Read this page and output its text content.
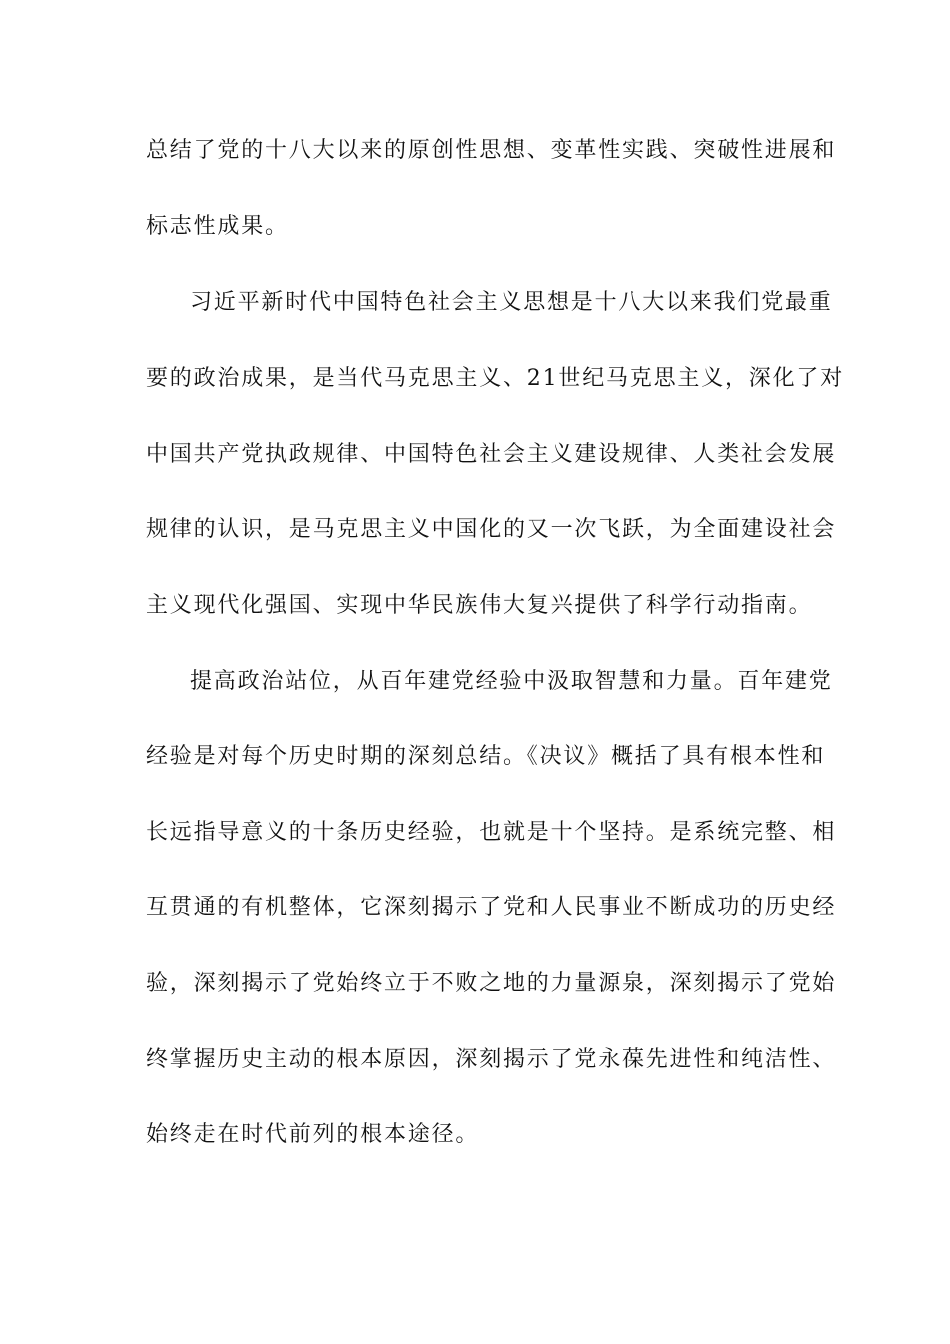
总结了党的十八大以来的原创性思想、变革性实践、突破性进展和
标志性成果。
习近平新时代中国特色社会主义思想是十八大以来我们党最重
要的政治成果，是当代马克思主义、21世纪马克思主义，深化了对
中国共产党执政规律、中国特色社会主义建设规律、人类社会发展
规律的认识，是马克思主义中国化的又一次飞跃，为全面建设社会
主义现代化强国、实现中华民族伟大复兴提供了科学行动指南。
提高政治站位，从百年建党经验中汲取智慧和力量。百年建党
经验是对每个历史时期的深刻总结。《决议》概括了具有根本性和
长远指导意义的十条历史经验，也就是十个坚持。是系统完整、相
互贯通的有机整体，它深刻揭示了党和人民事业不断成功的历史经
验，深刻揭示了党始终立于不败之地的力量源泉，深刻揭示了党始
终掌握历史主动的根本原因，深刻揭示了党永葆先进性和纯洁性、
始终走在时代前列的根本途径。
